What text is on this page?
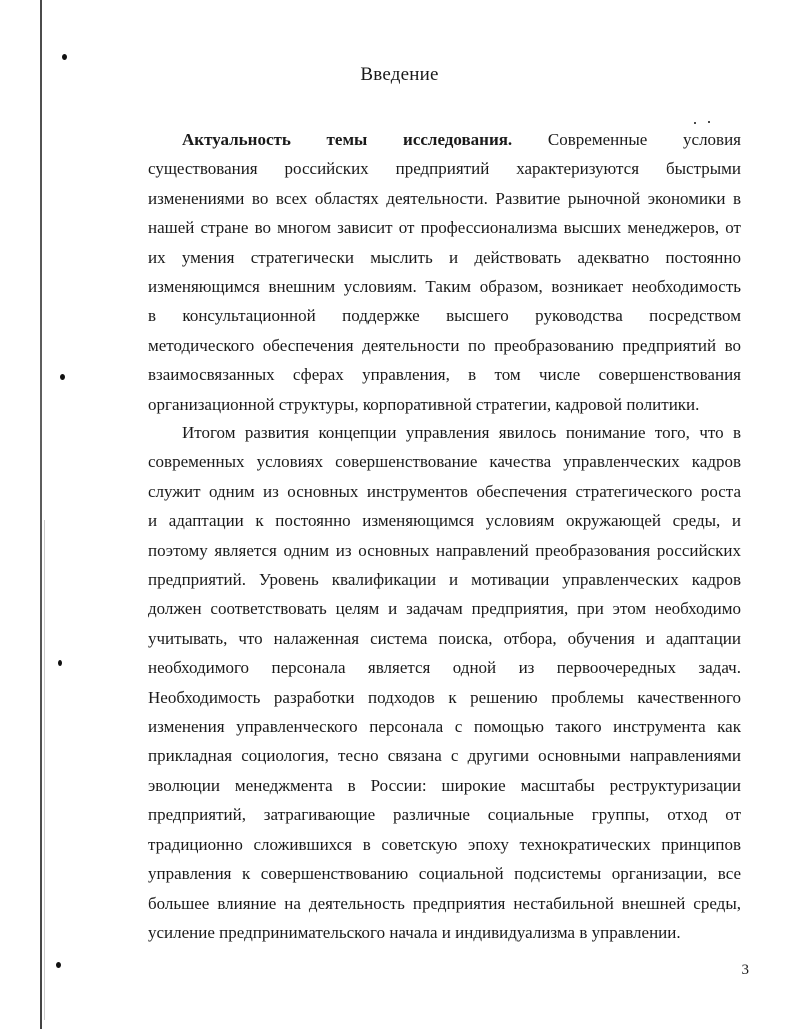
Введение
Актуальность темы исследования. Современные условия
существования российских предприятий характеризуются быстрыми
изменениями во всех областях деятельности. Развитие рыночной экономики в
нашей стране во многом зависит от профессионализма высших менеджеров, от
их умения стратегически мыслить и действовать адекватно постоянно
изменяющимся внешним условиям. Таким образом, возникает необходимость
в консультационной поддержке высшего руководства посредством
методического обеспечения деятельности по преобразованию предприятий во
взаимосвязанных сферах управления, в том числе совершенствования
организационной структуры, корпоративной стратегии, кадровой политики.
Итогом развития концепции управления явилось понимание того, что в
современных условиях совершенствование качества управленческих кадров
служит одним из основных инструментов обеспечения стратегического роста
и адаптации к постоянно изменяющимся условиям окружающей среды, и
поэтому является одним из основных направлений преобразования российских
предприятий. Уровень квалификации и мотивации управленческих кадров
должен соответствовать целям и задачам предприятия, при этом необходимо
учитывать, что налаженная система поиска, отбора, обучения и адаптации
необходимого персонала является одной из первоочередных задач.
Необходимость разработки подходов к решению проблемы качественного
изменения управленческого персонала с помощью такого инструмента как
прикладная социология, тесно связана с другими основными направлениями
эволюции менеджмента в России: широкие масштабы реструктуризации
предприятий, затрагивающие различные социальные группы, отход от
традиционно сложившихся в советскую эпоху технократических принципов
управления к совершенствованию социальной подсистемы организации, все
большее влияние на деятельность предприятия нестабильной внешней среды,
усиление предпринимательского начала и индивидуализма в управлении.
3
